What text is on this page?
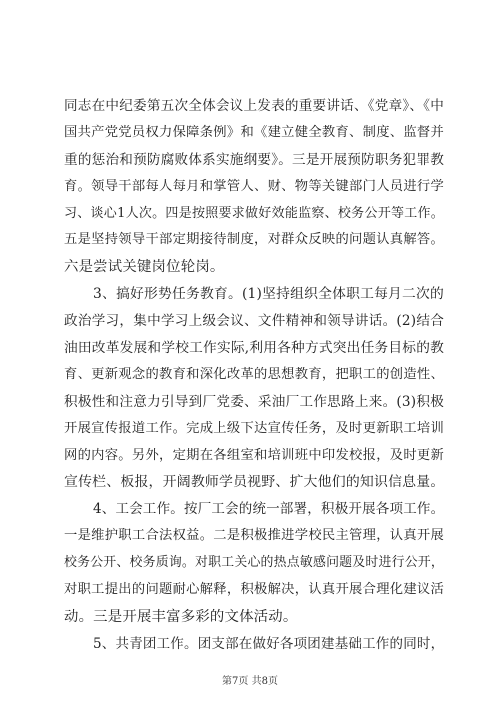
同志在中纪委第五次全体会议上发表的重要讲话、《党章》、《中
国共产党党员权力保障条例》和《建立健全教育、制度、监督并
重的惩治和预防腐败体系实施纲要》。三是开展预防职务犯罪教
育。领导干部每人每月和掌管人、财、物等关键部门人员进行学
习、谈心1人次。四是按照要求做好效能监察、校务公开等工作。
五是坚持领导干部定期接待制度，对群众反映的问题认真解答。
六是尝试关键岗位轮岗。
3、搞好形势任务教育。(1)坚持组织全体职工每月二次的
政治学习，集中学习上级会议、文件精神和领导讲话。(2)结合
油田改革发展和学校工作实际,利用各种方式突出任务目标的教
育、更新观念的教育和深化改革的思想教育，把职工的创造性、
积极性和注意力引导到厂党委、采油厂工作思路上来。(3)积极
开展宣传报道工作。完成上级下达宣传任务，及时更新职工培训
网的内容。另外，定期在各组室和培训班中印发校报，及时更新
宣传栏、板报，开阔教师学员视野、扩大他们的知识信息量。
4、工会工作。按厂工会的统一部署，积极开展各项工作。
一是维护职工合法权益。二是积极推进学校民主管理，认真开展
校务公开、校务质询。对职工关心的热点敏感问题及时进行公开，
对职工提出的问题耐心解释，积极解决，认真开展合理化建议活
动。三是开展丰富多彩的文体活动。
5、共青团工作。团支部在做好各项团建基础工作的同时，
第7页 共8页
